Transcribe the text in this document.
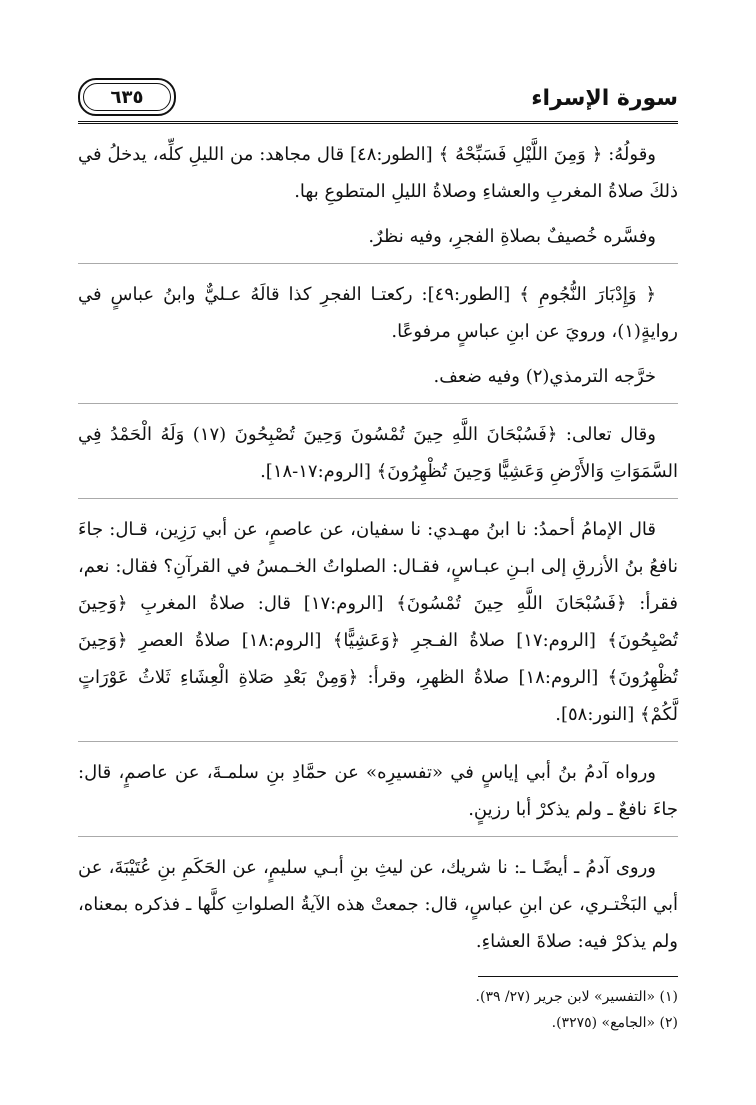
سورة الإسراء
٦٣٥

وقولُهُ: ﴿ وَمِنَ اللَّيْلِ فَسَبِّحْهُ ﴾ [الطور:٤٨] قال مجاهد: من الليلِ كلِّه، يدخلُ في ذلكَ صلاةُ المغربِ والعشاءِ وصلاةُ الليلِ المتطوعِ بها.

وفسَّره خُصيفٌ بصلاةِ الفجرِ، وفيه نظرٌ.

﴿ وَإِدْبَارَ النُّجُومِ ﴾ [الطور:٤٩]: ركعتـا الفجرِ كذا قالَهُ عـليٌّ وابنُ عباسٍ في روايةٍ(١)، ورويَ عن ابنِ عباسٍ مرفوعًا.

خرَّجه الترمذي(٢) وفيه ضعف.

وقال تعالى: ﴿فَسُبْحَانَ اللَّهِ حِينَ تُمْسُونَ وَحِينَ تُصْبِحُونَ (١٧) وَلَهُ الْحَمْدُ فِي السَّمَوَاتِ وَالأَرْضِ وَعَشِيًّا وَحِينَ تُظْهِرُونَ﴾ [الروم:١٧-١٨].

قال الإمامُ أحمدُ: نا ابنُ مهـدي: نا سفيان، عن عاصمٍ، عن أبي رَزِين، قـال: جاءَ نافعُ بنُ الأزرقِ إلى ابـنِ عبـاسٍ، فقـال: الصلواتُ الخـمسُ في القرآنِ؟ فقال: نعم، فقرأ: ﴿فَسُبْحَانَ اللَّهِ حِينَ تُمْسُونَ﴾ [الروم:١٧] قال: صلاةُ المغربِ ﴿وَحِينَ تُصْبِحُونَ﴾ [الروم:١٧] صلاةُ الفـجرِ ﴿وَعَشِيًّا﴾ [الروم:١٨] صلاةُ العصرِ ﴿وَحِينَ تُظْهِرُونَ﴾ [الروم:١٨] صلاةُ الظهرِ، وقرأ: ﴿وَمِنْ بَعْدِ صَلاةِ الْعِشَاءِ ثَلاثُ عَوْرَاتٍ لَّكُمْ﴾ [النور:٥٨].

ورواه آدمُ بنُ أبي إياسٍ في «تفسيرِه» عن حمَّادِ بنِ سلمـةَ، عن عاصمٍ، قال: جاءَ نافعٌ ـ ولم يذكرْ أبا رزينٍ.

وروى آدمُ ـ أيضًـا ـ: نا شريك، عن ليثِ بنِ أبـي سليمٍ، عن الحَكَمِ بنِ عُتَيْبَةَ، عن أبي البَخْتـري، عن ابنِ عباسٍ، قال: جمعتْ هذه الآيةُ الصلواتِ كلَّها ـ فذكره بمعناه، ولم يذكرْ فيه: صلاةَ العشاءِ.

(١) «التفسير» لابن جرير (٢٧/ ٣٩).

(٢) «الجامع» (٣٢٧٥).
